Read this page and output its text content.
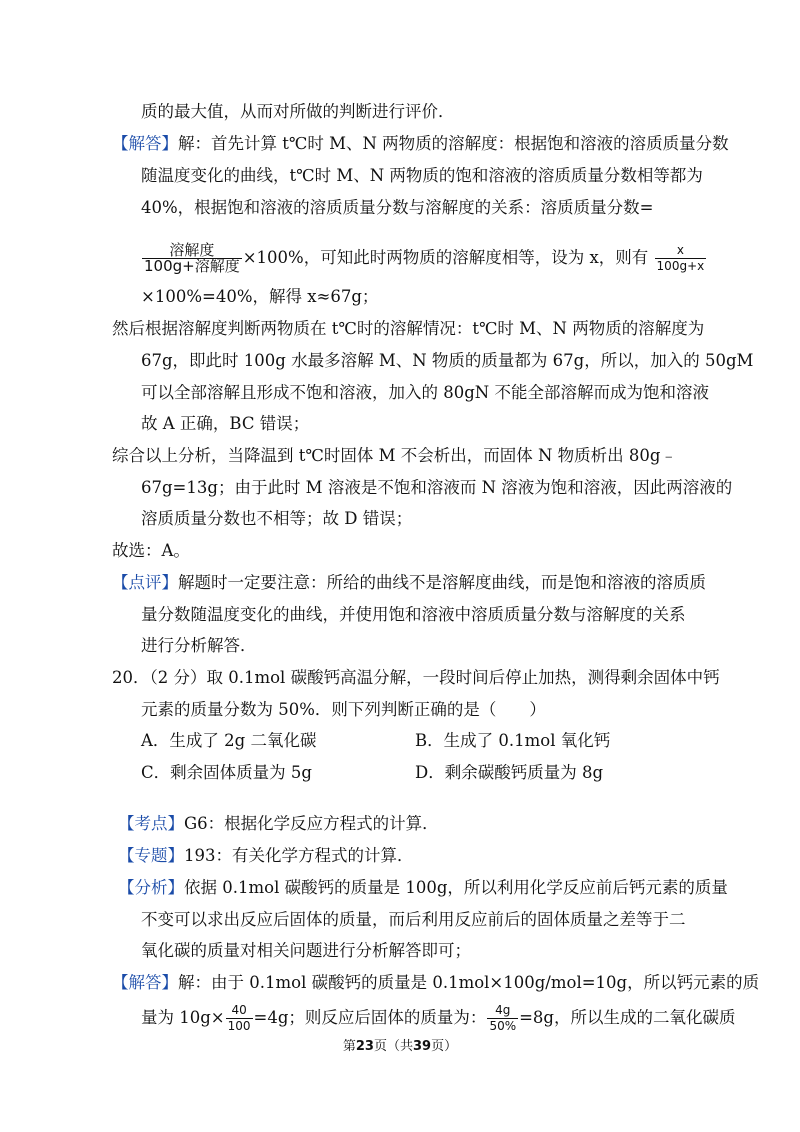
质的最大值，从而对所做的判断进行评价．
【解答】解：首先计算 t℃时 M、N 两物质的溶解度：根据饱和溶液的溶质质量分数
随温度变化的曲线，t℃时 M、N 两物质的饱和溶液的溶质质量分数相等都为
40%，根据饱和溶液的溶质质量分数与溶解度的关系：溶质质量分数=
$\frac{\text{溶解度}}{\text{100g+溶解度}} \times 100\%$，可知此时两物质的溶解度相等，设为 x，则有 $\frac{x}{100g+x}$
×100%=40%，解得 x≈67g；
然后根据溶解度判断两物质在 t℃时的溶解情况：t℃时 M、N 两物质的溶解度为
67g，即此时 100g 水最多溶解 M、N 物质的质量都为 67g，所以，加入的 50gM
可以全部溶解且形成不饱和溶液，加入的 80gN 不能全部溶解而成为饱和溶液
故 A 正确，BC 错误；
综合以上分析，当降温到 t℃时固体 M 不会析出，而固体 N 物质析出 80g﹣
67g=13g；由于此时 M 溶液是不饱和溶液而 N 溶液为饱和溶液，因此两溶液的
溶质质量分数也不相等；故 D 错误；
故选：A。
【点评】解题时一定要注意：所给的曲线不是溶解度曲线，而是饱和溶液的溶质质
量分数随温度变化的曲线，并使用饱和溶液中溶质质量分数与溶解度的关系
进行分析解答．
20．（2 分）取 0.1mol 碳酸钙高温分解，一段时间后停止加热，测得剩余固体中钙
元素的质量分数为 50%．则下列判断正确的是（　　）
A．生成了 2g 二氧化碳	B．生成了 0.1mol 氧化钙
C．剩余固体质量为 5g	D．剩余碳酸钙质量为 8g
【考点】G6：根据化学反应方程式的计算．
【专题】193：有关化学方程式的计算．
【分析】依据 0.1mol 碳酸钙的质量是 100g，所以利用化学反应前后钙元素的质量
不变可以求出反应后固体的质量，而后利用反应前后的固体质量之差等于二
氧化碳的质量对相关问题进行分析解答即可；
【解答】解：由于 0.1mol 碳酸钙的质量是 0.1mol×100g/mol=10g，所以钙元素的质
量为 $10g\times \frac{40}{100} =4g$；则反应后固体的质量为： $\frac{4g}{50\%} =8g$，所以生成的二氧化碳质
第23页（共39页）
